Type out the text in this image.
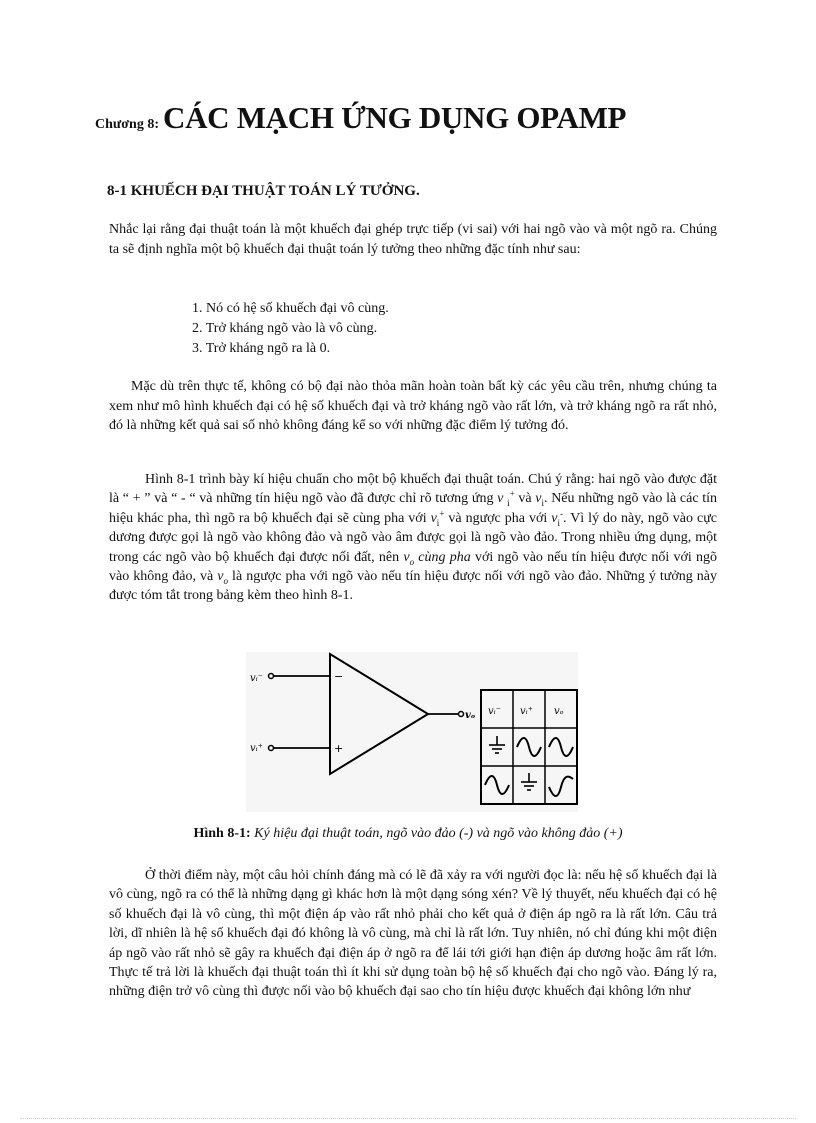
Chương 8: CÁC MẠCH ỨNG DỤNG OPAMP
8-1 KHUẾCH ĐẠI THUẬT TOÁN LÝ TƯỞNG.
Nhắc lại rằng đại thuật toán là một khuếch đại ghép trực tiếp (vi sai) với hai ngõ vào và một ngõ ra. Chúng ta sẽ định nghĩa một bộ khuếch đại thuật toán lý tưởng theo những đặc tính như sau:
1. Nó có hệ số khuếch đại vô cùng.
2. Trở kháng ngõ vào là vô cùng.
3. Trở kháng ngõ ra là 0.
Mặc dù trên thực tế, không có bộ đại nào thỏa mãn hoàn toàn bất kỳ các yêu cầu trên, nhưng chúng ta xem như mô hình khuếch đại có hệ số khuếch đại và trở kháng ngõ vào rất lớn, và trở kháng ngõ ra rất nhỏ, đó là những kết quả sai số nhỏ không đáng kể so với những đặc điểm lý tưởng đó.
Hình 8-1 trình bày kí hiệu chuẩn cho một bộ khuếch đại thuật toán. Chú ý rằng: hai ngõ vào được đặt là “ + ” và “ - “ và những tín hiệu ngõ vào đã được chỉ rõ tương ứng v $_i$+ và $v_i$. Nếu những ngõ vào là các tín hiệu khác pha, thì ngõ ra bộ khuếch đại sẽ cùng pha với $v_i^+$ và ngược pha với $v_i^-$. Vì lý do này, ngõ vào cực dương được gọi là ngõ vào không đảo và ngõ vào âm được gọi là ngõ vào đảo. Trong nhiều ứng dụng, một trong các ngõ vào bộ khuếch đại được nối đất, nên $v_o$ cùng pha với ngõ vào nếu tín hiệu được nối với ngõ vào không đảo, và $v_o$ là ngược pha với ngõ vào nếu tín hiệu được nối với ngõ vào đảo. Những ý tưởng này được tóm tắt trong bảng kèm theo hình 8-1.
vᵢ⁻
vᵢ⁺
−
+
vₒ vᵢ⁻ vᵢ⁺ vₒ
Hình 8-1: Ký hiệu đại thuật toán, ngõ vào đảo (-) và ngõ vào không đảo (+)
Ở thời điểm này, một câu hỏi chính đáng mà có lẽ đã xảy ra với người đọc là: nếu hệ số khuếch đại là vô cùng, ngõ ra có thể là những dạng gì khác hơn là một dạng sóng xén? Về lý thuyết, nếu khuếch đại có hệ số khuếch đại là vô cùng, thì một điện áp vào rất nhỏ phải cho kết quả ở điện áp ngõ ra là rất lớn. Câu trả lời, dĩ nhiên là hệ số khuếch đại đó không là vô cùng, mà chỉ là rất lớn. Tuy nhiên, nó chỉ đúng khi một điện áp ngõ vào rất nhỏ sẽ gây ra khuếch đại điện áp ở ngõ ra để lái tới giới hạn điện áp dương hoặc âm rất lớn. Thực tế trả lời là khuếch đại thuật toán thì ít khi sử dụng toàn bộ hệ số khuếch đại cho ngõ vào. Đáng lý ra, những điện trở vô cùng thì được nối vào bộ khuếch đại sao cho tín hiệu được khuếch đại không lớn như
